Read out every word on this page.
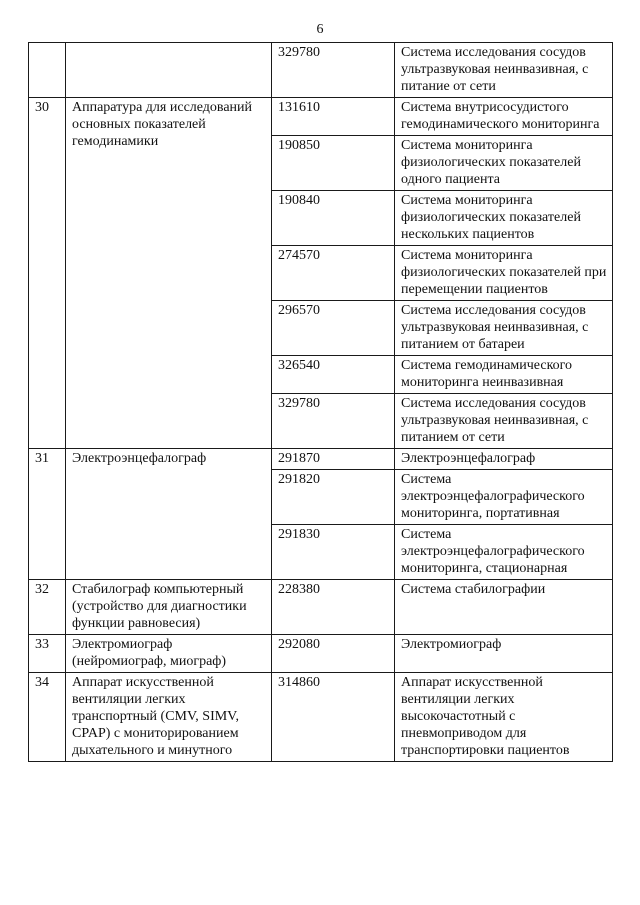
6
		329780	Система исследования сосудов ультразвуковая неинвазивная, с питание от сети
30	Аппаратура для исследований основных показателей гемодинамики	131610	Система внутрисосудистого гемодинамического мониторинга
		190850	Система мониторинга физиологических показателей одного пациента
		190840	Система мониторинга физиологических показателей нескольких пациентов
		274570	Система мониторинга физиологических показателей при перемещении пациентов
		296570	Система исследования сосудов ультразвуковая неинвазивная, с питанием от батареи
		326540	Система гемодинамического мониторинга неинвазивная
		329780	Система исследования сосудов ультразвуковая неинвазивная, с питанием от сети
31	Электроэнцефалограф	291870	Электроэнцефалограф
		291820	Система электроэнцефалографического мониторинга, портативная
		291830	Система электроэнцефалографического мониторинга, стационарная
32	Стабилограф компьютерный (устройство для диагностики функции равновесия)	228380	Система стабилографии
33	Электромиограф (нейромиограф, миограф)	292080	Электромиограф
34	Аппарат искусственной вентиляции легких транспортный (CMV, SIMV, CPAP) с мониторированием дыхательного и минутного	314860	Аппарат искусственной вентиляции легких высокочастотный с пневмоприводом для транспортировки пациентов
